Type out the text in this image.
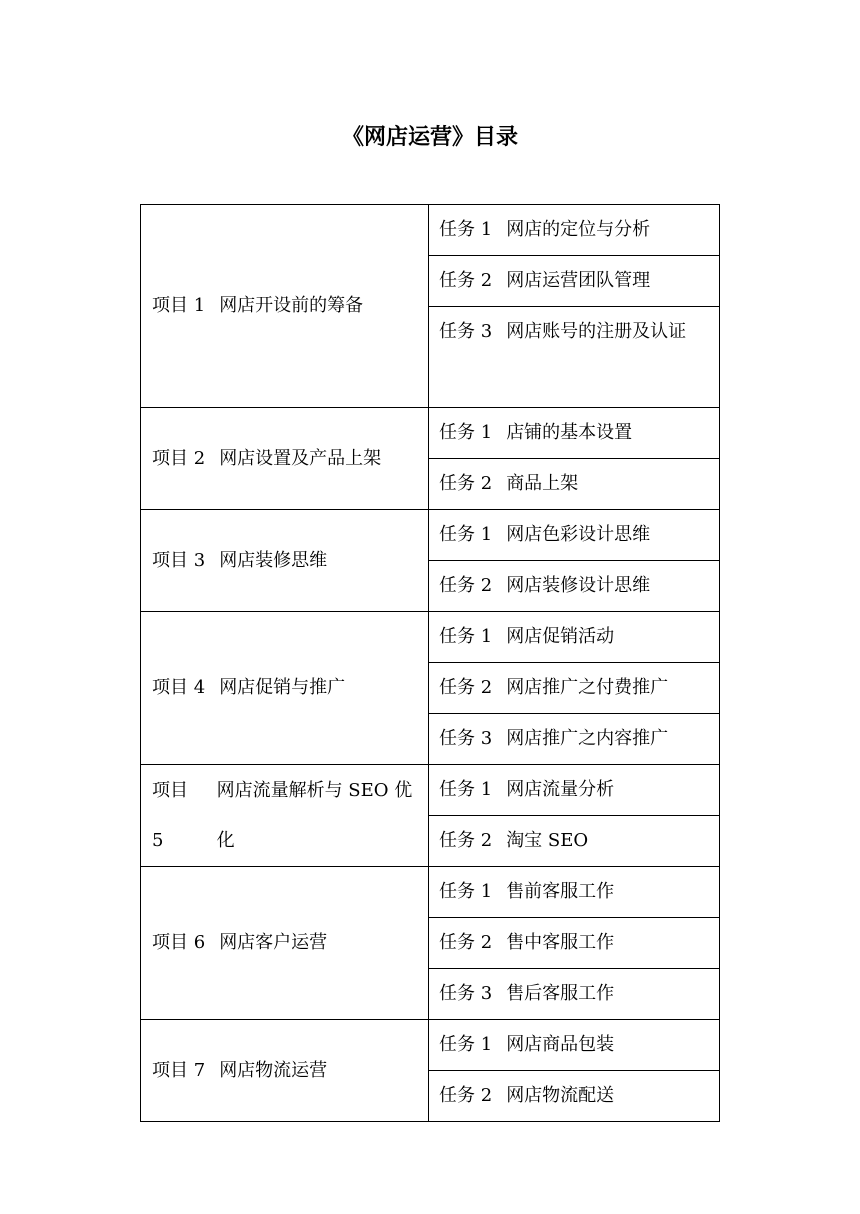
《网店运营》目录
项目 1 网店开设前的筹备
任务 1 网店的定位与分析
任务 2 网店运营团队管理
任务 3 网店账号的注册及认证
项目 2 网店设置及产品上架
任务 1 店铺的基本设置
任务 2 商品上架
项目 3 网店装修思维
任务 1 网店色彩设计思维
任务 2 网店装修设计思维
项目 4 网店促销与推广
任务 1 网店促销活动
任务 2 网店推广之付费推广
任务 3 网店推广之内容推广
项目 5
网店流量解析与 SEO 优化
任务 1 网店流量分析
任务 2 淘宝 SEO
项目 6 网店客户运营
任务 1 售前客服工作
任务 2 售中客服工作
任务 3 售后客服工作
项目 7 网店物流运营
任务 1 网店商品包装
任务 2 网店物流配送
